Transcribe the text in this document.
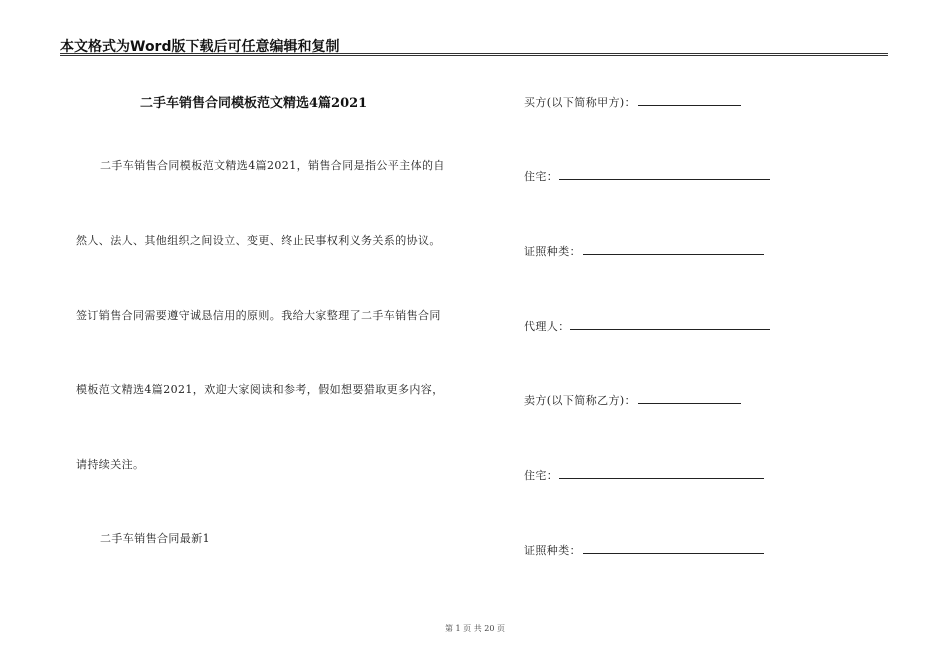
本文格式为Word版下载后可任意编辑和复制
二手车销售合同模板范文精选4篇2021
二手车销售合同模板范文精选4篇2021，销售合同是指公平主体的自
然人、法人、其他组织之间设立、变更、终止民事权利义务关系的协议。
签订销售合同需要遵守诚恳信用的原则。我给大家整理了二手车销售合同
模板范文精选4篇2021，欢迎大家阅读和参考，假如想要猎取更多内容，
请持续关注。
二手车销售合同最新1
买方(以下简称甲方)：
住宅：
证照种类：
代理人：
卖方(以下简称乙方)：
住宅：
证照种类：
第 1 页 共 20 页
